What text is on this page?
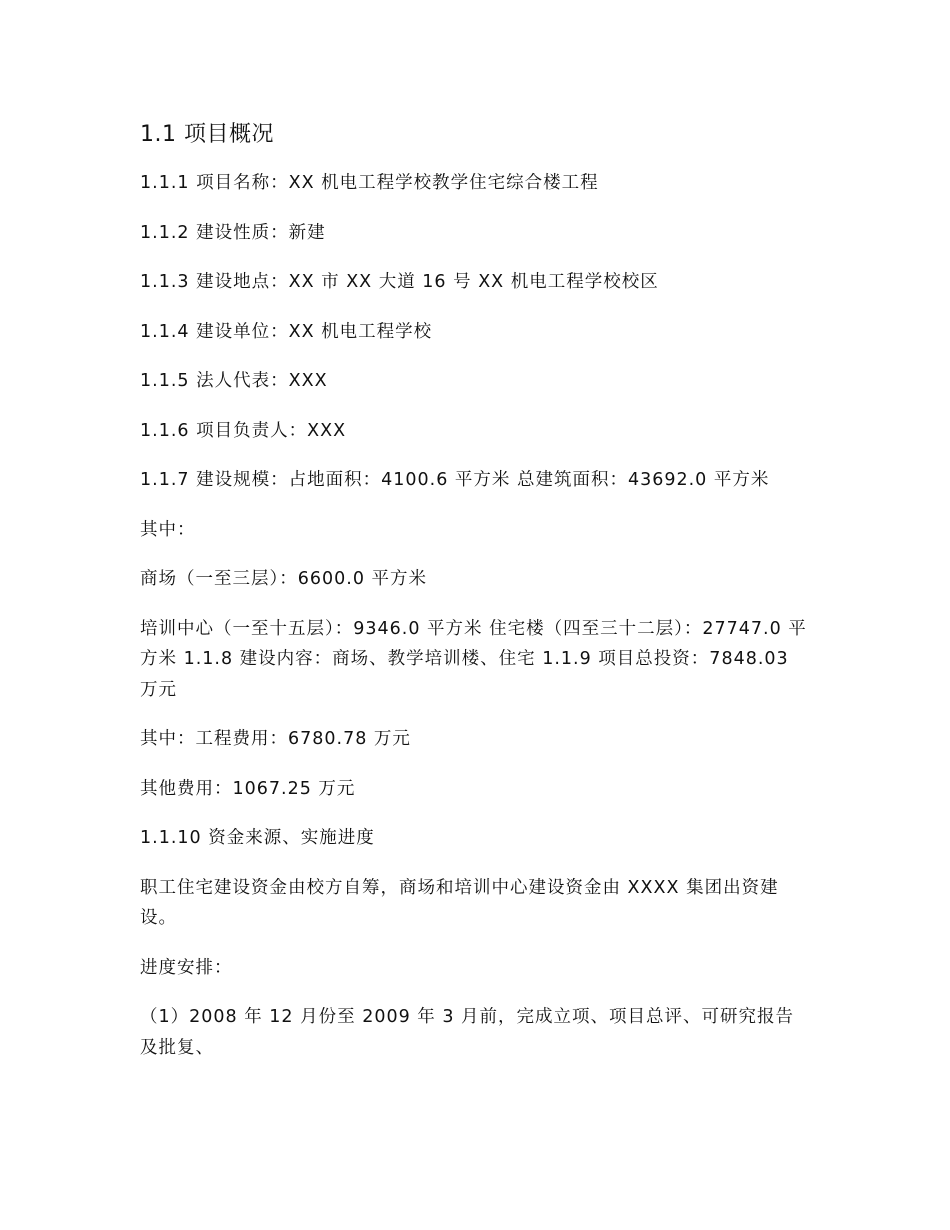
1.1 项目概况

1.1.1 项目名称：XX 机电工程学校教学住宅综合楼工程

1.1.2 建设性质：新建

1.1.3 建设地点：XX 市 XX 大道 16 号 XX 机电工程学校校区

1.1.4 建设单位：XX 机电工程学校

1.1.5 法人代表：XXX

1.1.6 项目负责人：XXX

1.1.7 建设规模：占地面积：4100.6 平方米 总建筑面积：43692.0 平方米

其中：

商场（一至三层）：6600.0 平方米

培训中心（一至十五层）：9346.0 平方米 住宅楼（四至三十二层）：27747.0 平方米 1.1.8 建设内容：商场、教学培训楼、住宅 1.1.9 项目总投资：7848.03 万元

其中：工程费用：6780.78 万元

其他费用：1067.25 万元

1.1.10 资金来源、实施进度

职工住宅建设资金由校方自筹，商场和培训中心建设资金由 XXXX 集团出资建设。

进度安排：

（1）2008 年 12 月份至 2009 年 3 月前，完成立项、项目总评、可研究报告及批复、
